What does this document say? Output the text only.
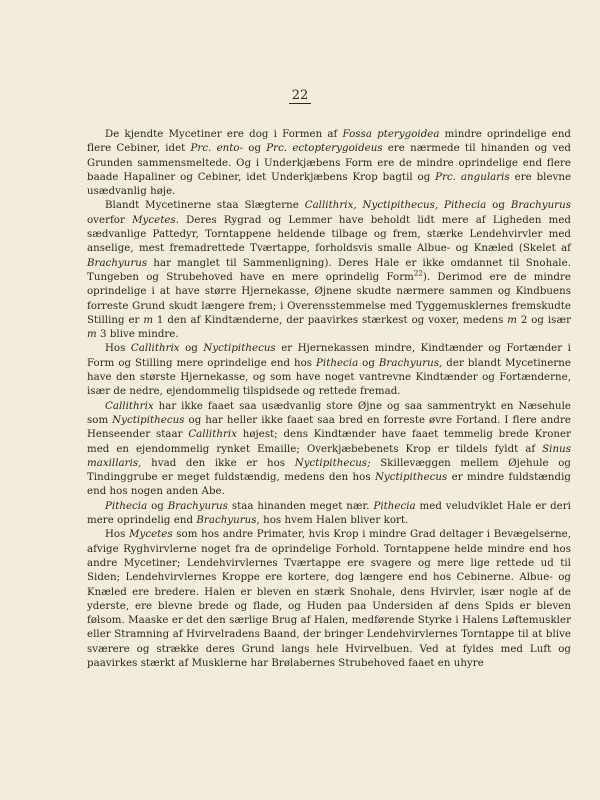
22

De kjendte Mycetiner ere dog i Formen af Fossa pterygoidea mindre oprindelige end flere Cebiner, idet Prc. ento- og Prc. ectopterygoideus ere nærmede til hinanden og ved Grunden sammensmeltede. Og i Underkjæbens Form ere de mindre oprindelige end flere baade Hapaliner og Cebiner, idet Underkjæbens Krop bagtil og Prc. angularis ere blevne usædvanlig høje.

Blandt Mycetinerne staa Slægterne Callithrix, Nyctipithecus, Pithecia og Brachyurus overfor Mycetes. Deres Rygrad og Lemmer have beholdt lidt mere af Ligheden med sædvanlige Pattedyr, Torntappene heldende tilbage og frem, stærke Lendehvirvler med anselige, mest fremadrettede Tværtappe, forholdsvis smalle Albue- og Knæled (Skelet af Brachyurus har manglet til Sammenligning). Deres Hale er ikke omdannet til Snohale. Tungeben og Strubehoved have en mere oprindelig Form$^{22}$). Derimod ere de mindre oprindelige i at have større Hjernekasse, Øjnene skudte nærmere sammen og Kindbuens forreste Grund skudt længere frem; i Overensstemmelse med Tyggemusklernes fremskudte Stilling er m 1 den af Kindtænderne, der paavirkes stærkest og voxer, medens m 2 og især m 3 blive mindre.

Hos Callithrix og Nyctipithecus er Hjernekassen mindre, Kindtænder og Fortænder i Form og Stilling mere oprindelige end hos Pithecia og Brachyurus, der blandt Mycetinerne have den største Hjernekasse, og som have noget vantrevne Kindtænder og Fortænderne, især de nedre, ejendommelig tilspidsede og rettede fremad.

Callithrix har ikke faaet saa usædvanlig store Øjne og saa sammentrykt en Næsehule som Nyctipithecus og har heller ikke faaet saa bred en forreste øvre Fortand. I flere andre Henseender staar Callithrix højest; dens Kindtænder have faaet temmelig brede Kroner med en ejendommelig rynket Emaille; Overkjæbebenets Krop er tildels fyldt af Sinus maxillaris, hvad den ikke er hos Nyctipithecus; Skillevæggen mellem Øjehule og Tindinggrube er meget fuldstændig, medens den hos Nyctipithecus er mindre fuldstændig end hos nogen anden Abe.

Pithecia og Brachyurus staa hinanden meget nær. Pithecia med veludviklet Hale er deri mere oprindelig end Brachyurus, hos hvem Halen bliver kort.

Hos Mycetes som hos andre Primater, hvis Krop i mindre Grad deltager i Bevægelserne, afvige Ryghvirvlerne noget fra de oprindelige Forhold. Torntappene helde mindre end hos andre Mycetiner; Lendehvirvlernes Tværtappe ere svagere og mere lige rettede ud til Siden; Lendehvirvlernes Kroppe ere kortere, dog længere end hos Cebinerne. Albue- og Knæled ere bredere. Halen er bleven en stærk Snohale, dens Hvirvler, især nogle af de yderste, ere blevne brede og flade, og Huden paa Undersiden af dens Spids er bleven følsom. Maaske er det den særlige Brug af Halen, medførende Styrke i Halens Løftemuskler eller Stramning af Hvirvelradens Baand, der bringer Lendehvirvlernes Torntappe til at blive sværere og strække deres Grund langs hele Hvirvelbuen. Ved at fyldes med Luft og paavirkes stærkt af Musklerne har Brølabernes Strubehoved faaet en uhyre
